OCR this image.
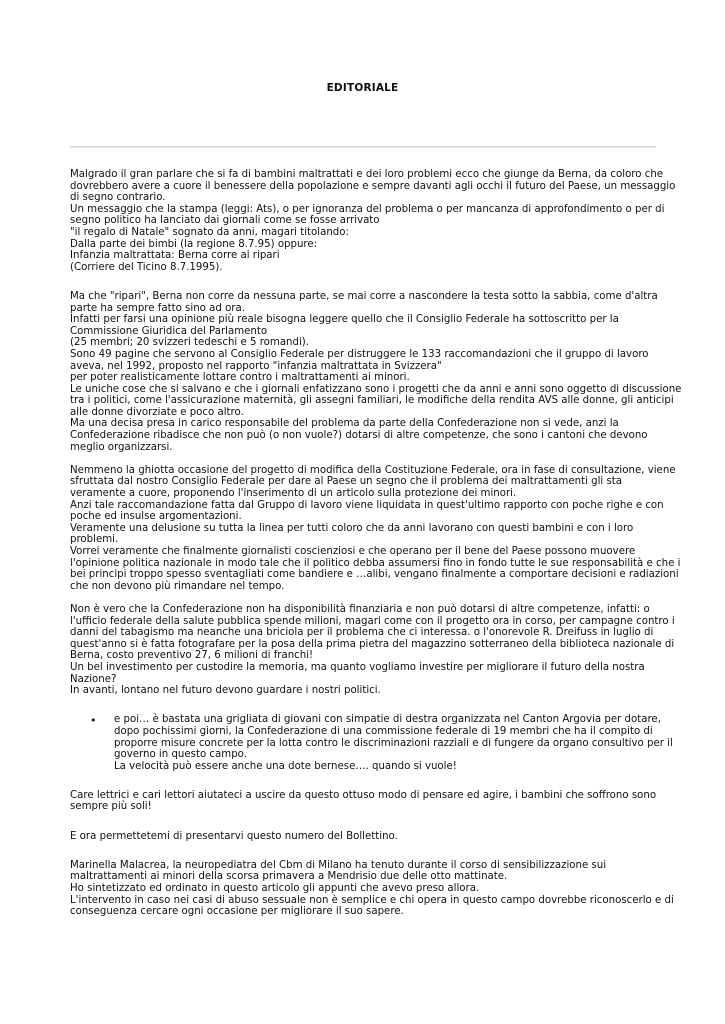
EDITORIALE
Malgrado il gran parlare che si fa di bambini maltrattati e dei loro problemi ecco che giunge da Berna, da coloro che
dovrebbero avere a cuore il benessere della popolazione e sempre davanti agli occhi il futuro del Paese, un messaggio
di segno contrario.
Un messaggio che la stampa (leggi: Ats), o per ignoranza del problema o per mancanza di approfondimento o per di
segno politico ha lanciato dai giornali come se fosse arrivato
"il regalo di Natale" sognato da anni, magari titolando:
Dalla parte dei bimbi (la regione 8.7.95) oppure:
Infanzia maltrattata: Berna corre ai ripari
(Corriere del Ticino 8.7.1995).
Ma che "ripari", Berna non corre da nessuna parte, se mai corre a nascondere la testa sotto la sabbia, come d'altra
parte ha sempre fatto sino ad ora.
Infatti per farsi una opinione più reale bisogna leggere quello che il Consiglio Federale ha sottoscritto per la
Commissione Giuridica del Parlamento
(25 membri; 20 svizzeri tedeschi e 5 romandi).
Sono 49 pagine che servono al Consiglio Federale per distruggere le 133 raccomandazioni che il gruppo di lavoro
aveva, nel 1992, proposto nel rapporto "infanzia maltrattata in Svizzera"
per poter realisticamente lottare contro i maltrattamenti ai minori.
Le uniche cose che si salvano e che i giornali enfatizzano sono i progetti che da anni e anni sono oggetto di discussione
tra i politici, come l'assicurazione maternità, gli assegni familiari, le modifiche della rendita AVS alle donne, gli anticipi
alle donne divorziate e poco altro.
Ma una decisa presa in carico responsabile del problema da parte della Confederazione non si vede, anzi la
Confederazione ribadisce che non può (o non vuole?) dotarsi di altre competenze, che sono i cantoni che devono
meglio organizzarsi.
Nemmeno la ghiotta occasione del progetto di modifica della Costituzione Federale, ora in fase di consultazione, viene
sfruttata dal nostro Consiglio Federale per dare al Paese un segno che il problema dei maltrattamenti gli sta
veramente a cuore, proponendo l'inserimento di un articolo sulla protezione dei minori.
Anzi tale raccomandazione fatta dal Gruppo di lavoro viene liquidata in quest'ultimo rapporto con poche righe e con
poche ed insulse argomentazioni.
Veramente una delusione su tutta la linea per tutti coloro che da anni lavorano con questi bambini e con i loro
problemi.
Vorrei veramente che finalmente giornalisti coscienziosi e che operano per il bene del Paese possono muovere
l'opinione politica nazionale in modo tale che il politico debba assumersi fino in fondo tutte le sue responsabilità e che i
bei principi troppo spesso sventagliati come bandiere e …alibi, vengano finalmente a comportare decisioni e radiazioni
che non devono più rimandare nel tempo.
Non è vero che la Confederazione non ha disponibilità finanziaria e non può dotarsi di altre competenze, infatti: o
l'ufficio federale della salute pubblica spende milioni, magari come con il progetto ora in corso, per campagne contro i
danni del tabagismo ma neanche una briciola per il problema che ci interessa. o l'onorevole R. Dreifuss in luglio di
quest'anno si è fatta fotografare per la posa della prima pietra del magazzino sotterraneo della biblioteca nazionale di
Berna, costo preventivo 27, 6 milioni di franchi!
Un bel investimento per custodire la memoria, ma quanto vogliamo investire per migliorare il futuro della nostra
Nazione?
In avanti, lontano nel futuro devono guardare i nostri politici.
• e poi… è bastata una grigliata di giovani con simpatie di destra organizzata nel Canton Argovia per dotare,
dopo pochissimi giorni, la Confederazione di una commissione federale di 19 membri che ha il compito di
proporre misure concrete per la lotta contro le discriminazioni razziali e di fungere da organo consultivo per il
governo in questo campo.
La velocità può essere anche una dote bernese…. quando si vuole!
Care lettrici e cari lettori aiutateci a uscire da questo ottuso modo di pensare ed agire, i bambini che soffrono sono
sempre più soli!
E ora permettetemi di presentarvi questo numero del Bollettino.
Marinella Malacrea, la neuropediatra del Cbm di Milano ha tenuto durante il corso di sensibilizzazione sui
maltrattamenti ai minori della scorsa primavera a Mendrisio due delle otto mattinate.
Ho sintetizzato ed ordinato in questo articolo gli appunti che avevo preso allora.
L'intervento in caso nei casi di abuso sessuale non è semplice e chi opera in questo campo dovrebbe riconoscerlo e di
conseguenza cercare ogni occasione per migliorare il suo sapere.
